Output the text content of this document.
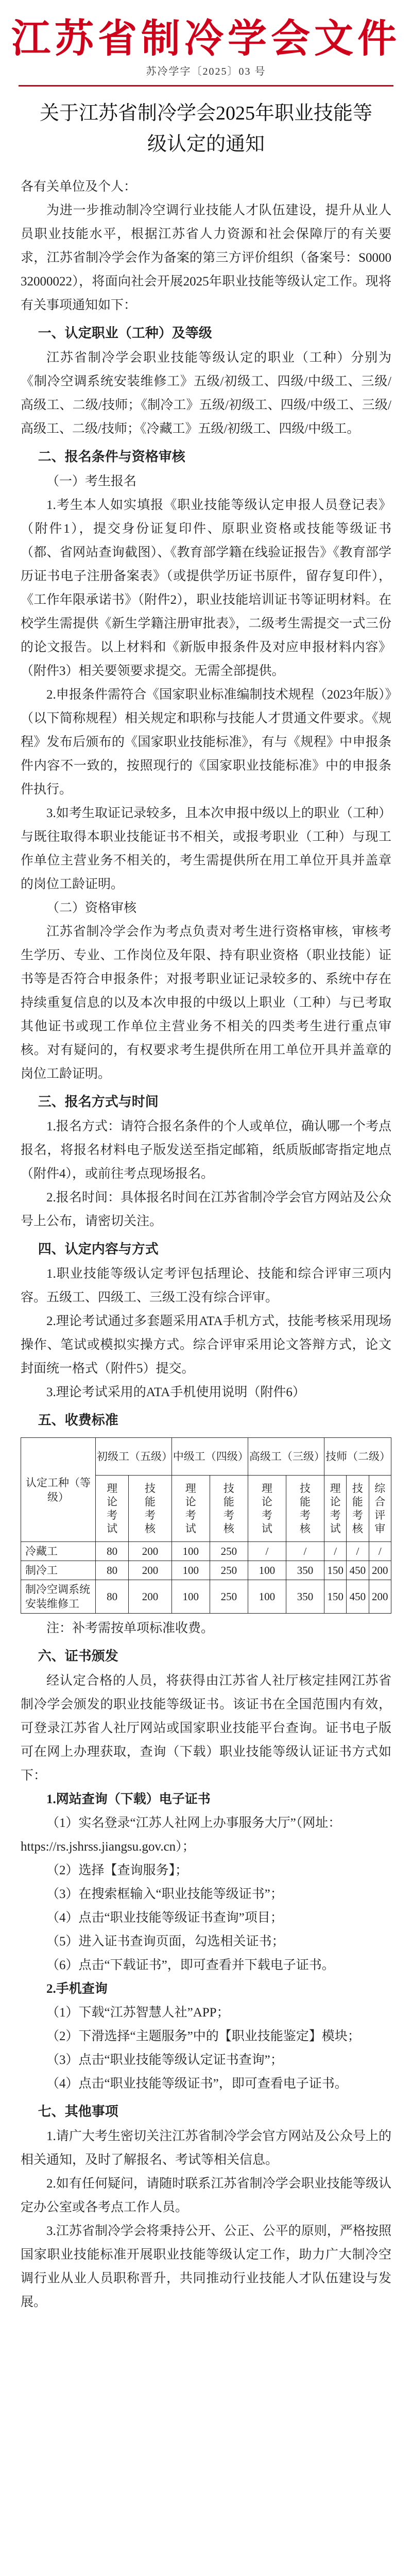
江苏省制冷学会文件
苏冷学字〔2025〕03 号
关于江苏省制冷学会2025年职业技能等级认定的通知

各有关单位及个人：

为进一步推动制冷空调行业技能人才队伍建设，提升从业人员职业技能水平，根据江苏省人力资源和社会保障厅的有关要求，江苏省制冷学会作为备案的第三方评价组织（备案号：S000032000022），将面向社会开展2025年职业技能等级认定工作。现将有关事项通知如下：

一、认定职业（工种）及等级

江苏省制冷学会职业技能等级认定的职业（工种）分别为《制冷空调系统安装维修工》五级/初级工、四级/中级工、三级/高级工、二级/技师；《制冷工》五级/初级工、四级/中级工、三级/高级工、二级/技师；《冷藏工》五级/初级工、四级/中级工。

二、报名条件与资格审核
（一）考生报名

1.考生本人如实填报《职业技能等级认定申报人员登记表》（附件1），提交身份证复印件、原职业资格或技能等级证书（都、省网站查询截图）、《教育部学籍在线验证报告》《教育部学历证书电子注册备案表》（或提供学历证书原件，留存复印件），《工作年限承诺书》（附件2），职业技能培训证书等证明材料。在校学生需提供《新生学籍注册审批表》，二级考生需提交一式三份的论文报告。以上材料和《新版申报条件及对应申报材料内容》（附件3）相关要领要求提交。无需全部提供。

2.申报条件需符合《国家职业标准编制技术规程（2023年版）》（以下简称规程）相关规定和职称与技能人才贯通文件要求。《规程》发布后颁布的《国家职业技能标准》，有与《规程》中申报条件内容不一致的，按照现行的《国家职业技能标准》中的申报条件执行。

3.如考生取证记录较多，且本次申报中级以上的职业（工种）与既往取得本职业技能证书不相关，或报考职业（工种）与现工作单位主营业务不相关的，考生需提供所在用工单位开具并盖章的岗位工龄证明。

（二）资格审核

江苏省制冷学会作为考点负责对考生进行资格审核，审核考生学历、专业、工作岗位及年限、持有职业资格（职业技能）证书等是否符合申报条件；对报考职业证记录较多的、系统中存在持续重复信息的以及本次申报的中级以上职业（工种）与已考取其他证书或现工作单位主营业务不相关的四类考生进行重点审核。对有疑问的，有权要求考生提供所在用工单位开具并盖章的岗位工龄证明。

三、报名方式与时间

1.报名方式：请符合报名条件的个人或单位，确认哪一个考点报名，将报名材料电子版发送至指定邮箱，纸质版邮寄指定地点（附件4），或前往考点现场报名。

2.报名时间：具体报名时间在江苏省制冷学会官方网站及公众号上公布，请密切关注。

四、认定内容与方式

1.职业技能等级认定考评包括理论、技能和综合评审三项内容。五级工、四级工、三级工没有综合评审。

2.理论考试通过多套题采用ATA手机方式，技能考核采用现场操作、笔试或模拟实操方式。综合评审采用论文答辩方式，论文封面统一格式（附件5）提交。

3.理论考试采用的ATA手机使用说明（附件6）

五、收费标准
认定工种（等级）	初级工（五级）		中级工（四级）		高级工（三级）		技师（二级）		
	理论考试	技能考核	理论考试	技能考核	理论考试	技能考核	理论考试	技能考核	综合评审
冷藏工	80	200	100	250	/	/	/	/	/
制冷工	80	200	100	250	100	350	150	450	200
制冷空调系统安装维修工	80	200	100	250	100	350	150	450	200

注：补考需按单项标准收费。

六、证书颁发

经认定合格的人员，将获得由江苏省人社厅核定挂网江苏省制冷学会颁发的职业技能等级证书。该证书在全国范围内有效，可登录江苏省人社厅网站或国家职业技能平台查询。证书电子版可在网上办理获取，查询（下载）职业技能等级认证证书方式如下：

1.网站查询（下载）电子证书

（1）实名登录“江苏人社网上办事服务大厅”（网址：

https://rs.jshrss.jiangsu.gov.cn）；

（2）选择【查询服务】；

（3）在搜索框输入“职业技能等级证书”；

（4）点击“职业技能等级证书查询”项目；

（5）进入证书查询页面，勾选相关证书；

（6）点击“下载证书”，即可查看并下载电子证书。

2.手机查询

（1）下载“江苏智慧人社”APP；

（2）下滑选择“主题服务”中的【职业技能鉴定】模块；

（3）点击“职业技能等级认定证书查询”；

（4）点击“职业技能等级证书”，即可查看电子证书。

七、其他事项

1.请广大考生密切关注江苏省制冷学会官方网站及公众号上的相关通知，及时了解报名、考试等相关信息。

2.如有任何疑问，请随时联系江苏省制冷学会职业技能等级认定办公室或各考点工作人员。

3.江苏省制冷学会将秉持公开、公正、公平的原则，严格按照国家职业技能标准开展职业技能等级认定工作，助力广大制冷空调行业从业人员职称晋升，共同推动行业技能人才队伍建设与发展。
